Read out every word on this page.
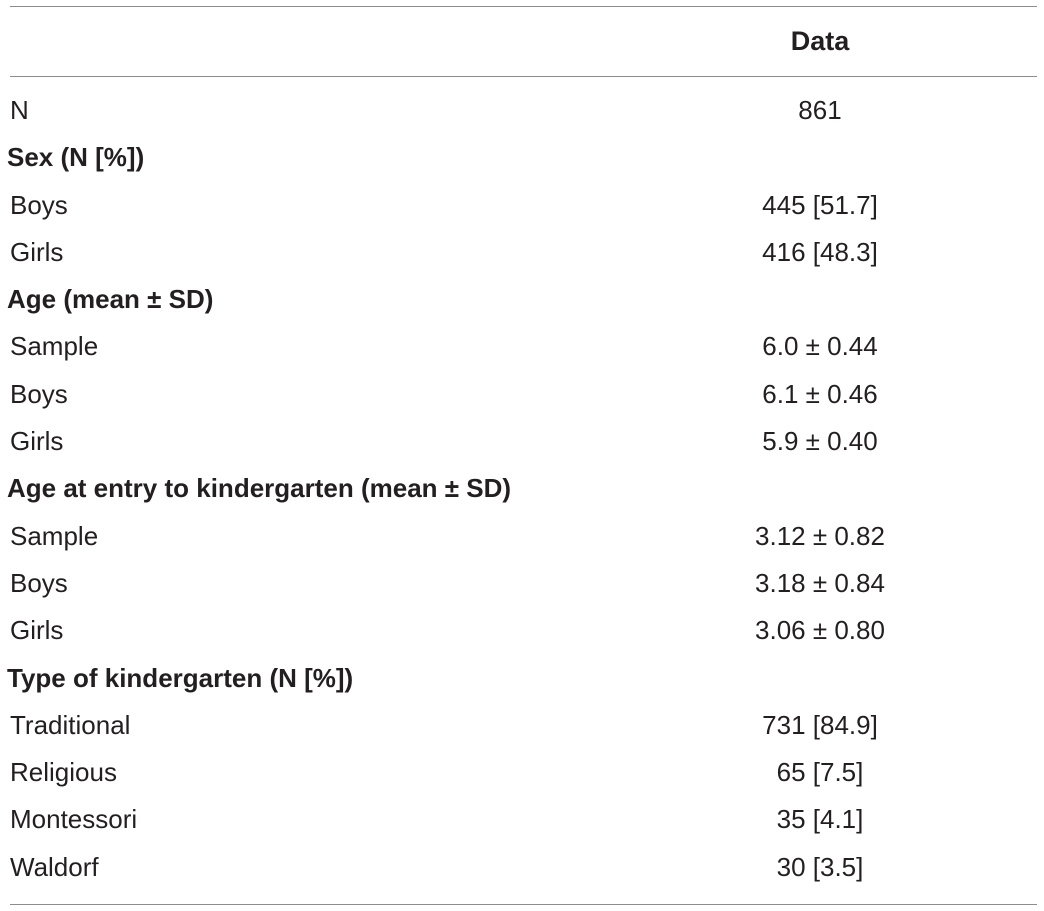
Data
N	861
Sex (N [%])
Boys	445 [51.7]
Girls	416 [48.3]
Age (mean ± SD)
Sample	6.0 ± 0.44
Boys	6.1 ± 0.46
Girls	5.9 ± 0.40
Age at entry to kindergarten (mean ± SD)
Sample	3.12 ± 0.82
Boys	3.18 ± 0.84
Girls	3.06 ± 0.80
Type of kindergarten (N [%])
Traditional	731 [84.9]
Religious	65 [7.5]
Montessori	35 [4.1]
Waldorf	30 [3.5]
